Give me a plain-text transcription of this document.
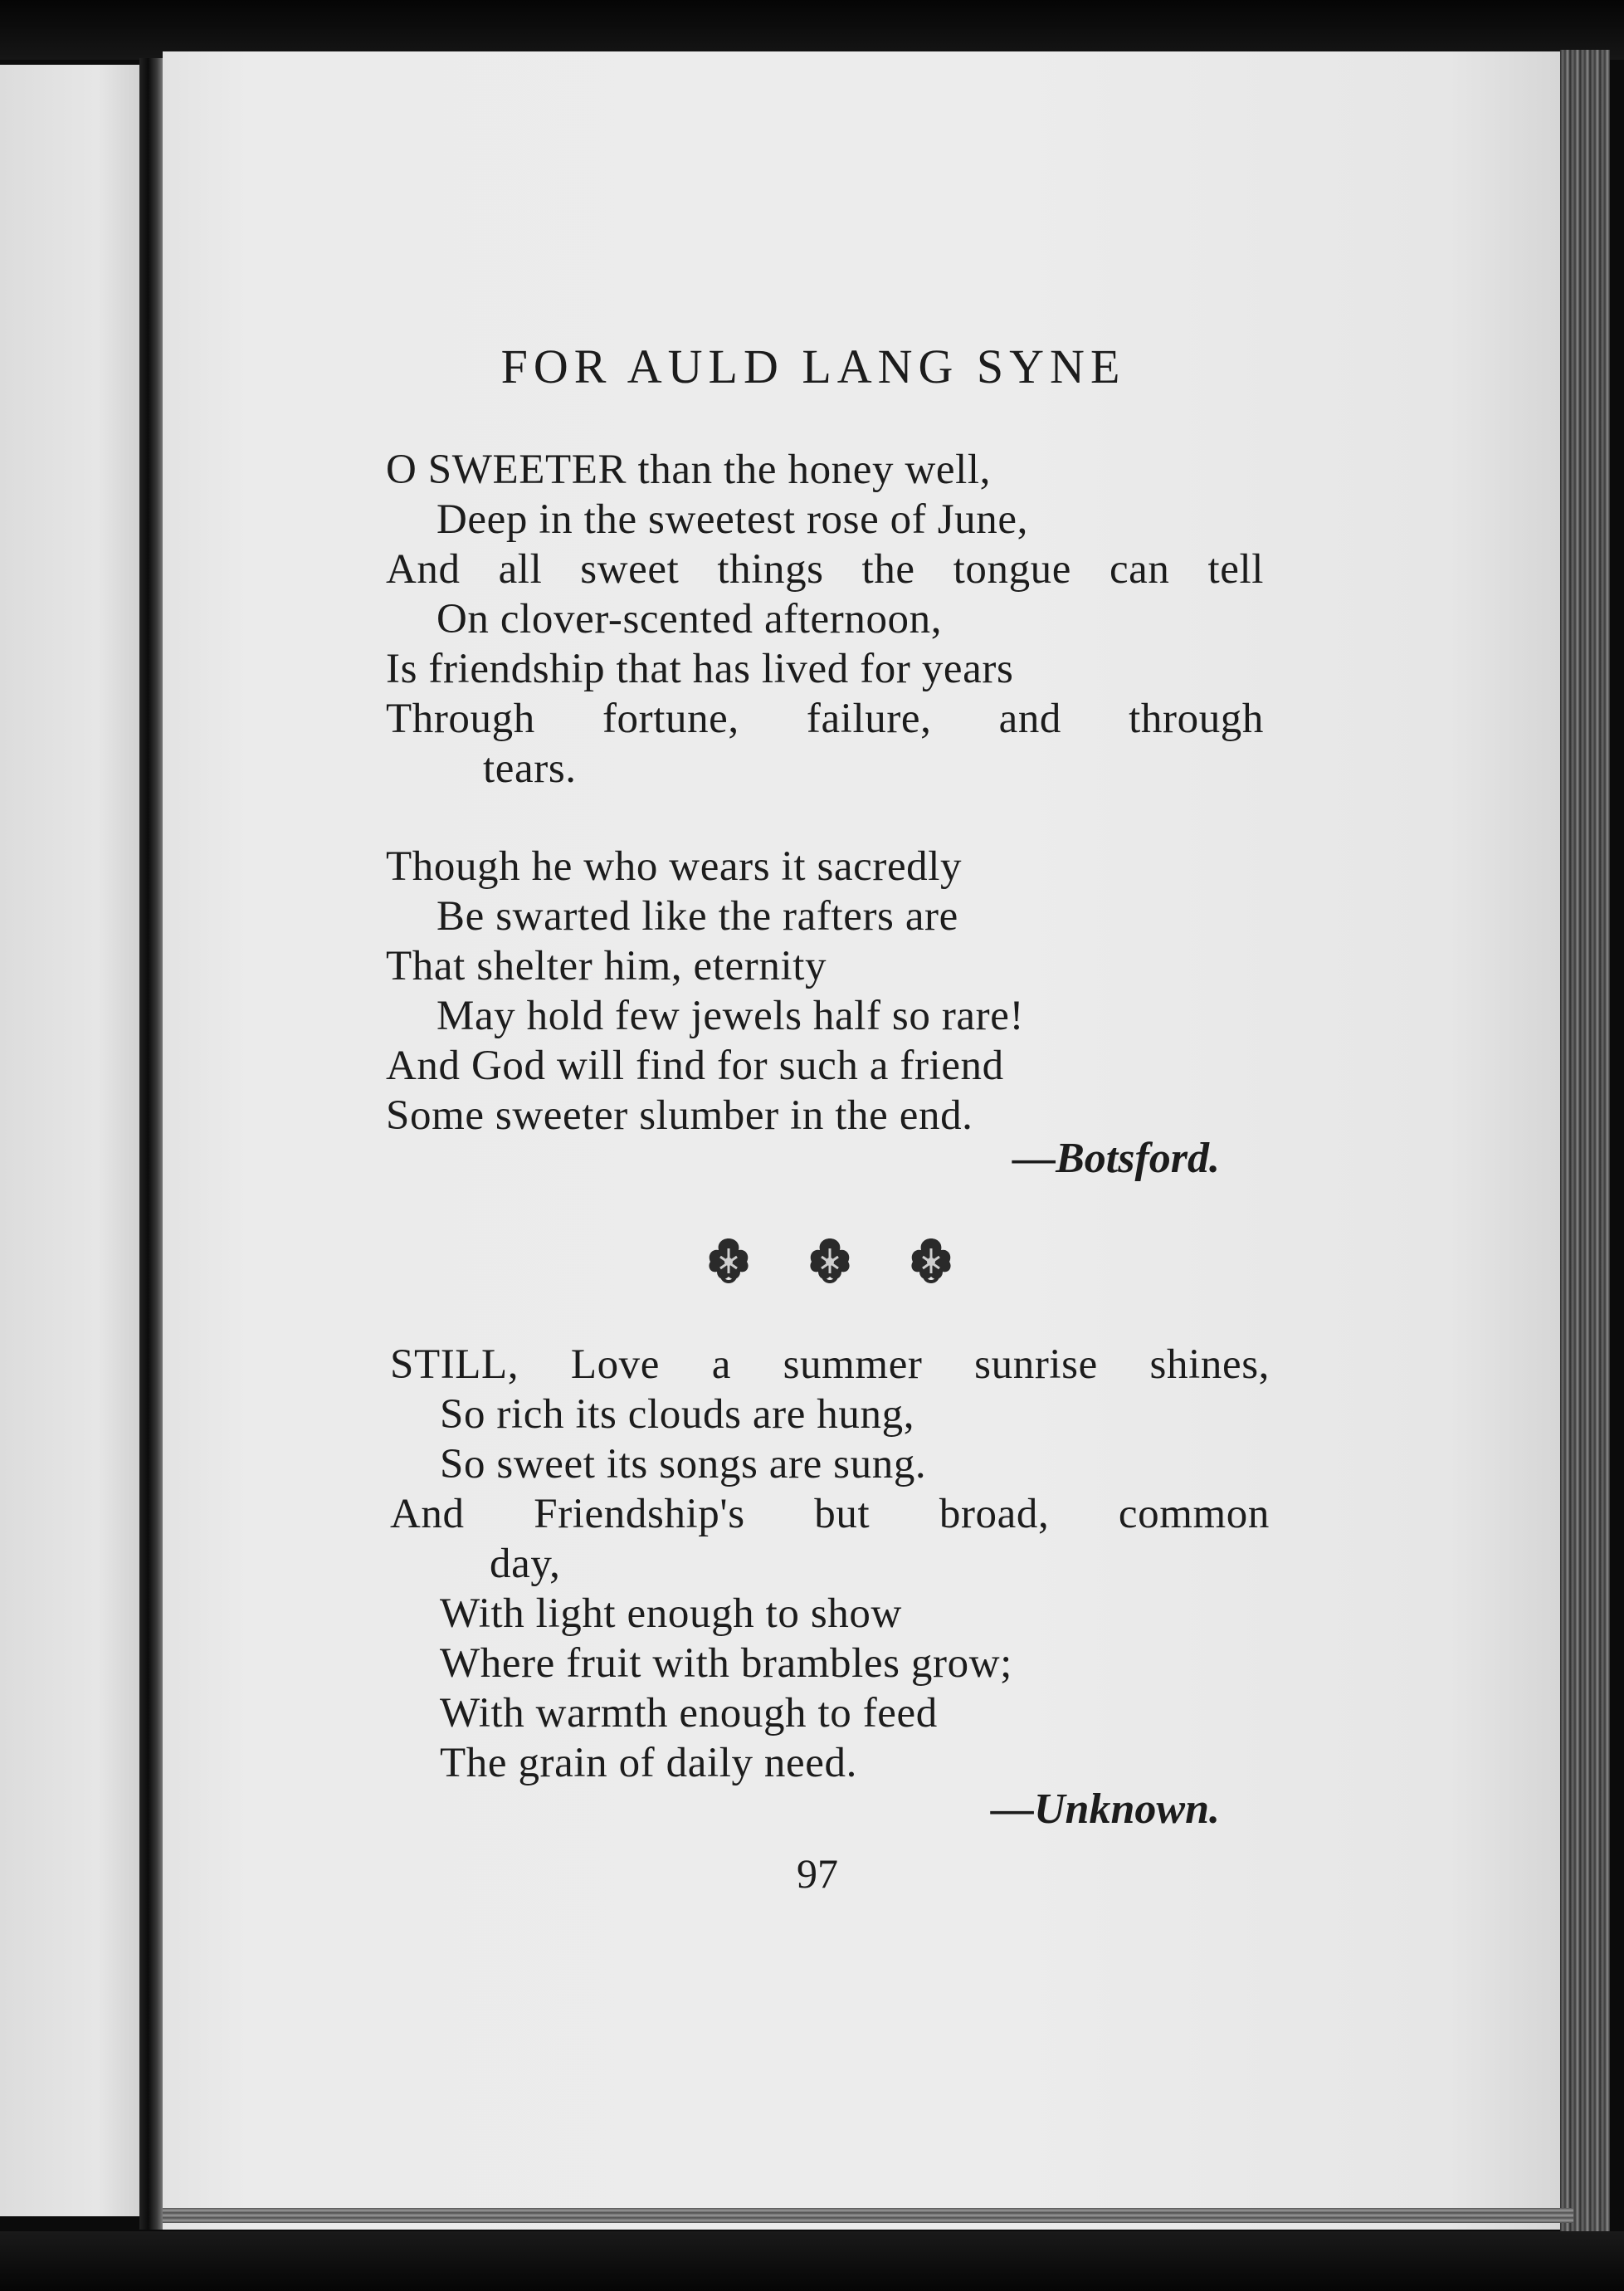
FOR AULD LANG SYNE
O SWEETER than the honey well,
Deep in the sweetest rose of June,
And all sweet things the tongue can tell
On clover-scented afternoon,
Is friendship that has lived for years
Through fortune, failure, and through
tears.
Though he who wears it sacredly
Be swarted like the rafters are
That shelter him, eternity
May hold few jewels half so rare!
And God will find for such a friend
Some sweeter slumber in the end.
—Botsford.
STILL, Love a summer sunrise shines,
So rich its clouds are hung,
So sweet its songs are sung.
And Friendship's but broad, common
day,
With light enough to show
Where fruit with brambles grow;
With warmth enough to feed
The grain of daily need.
—Unknown.
97
